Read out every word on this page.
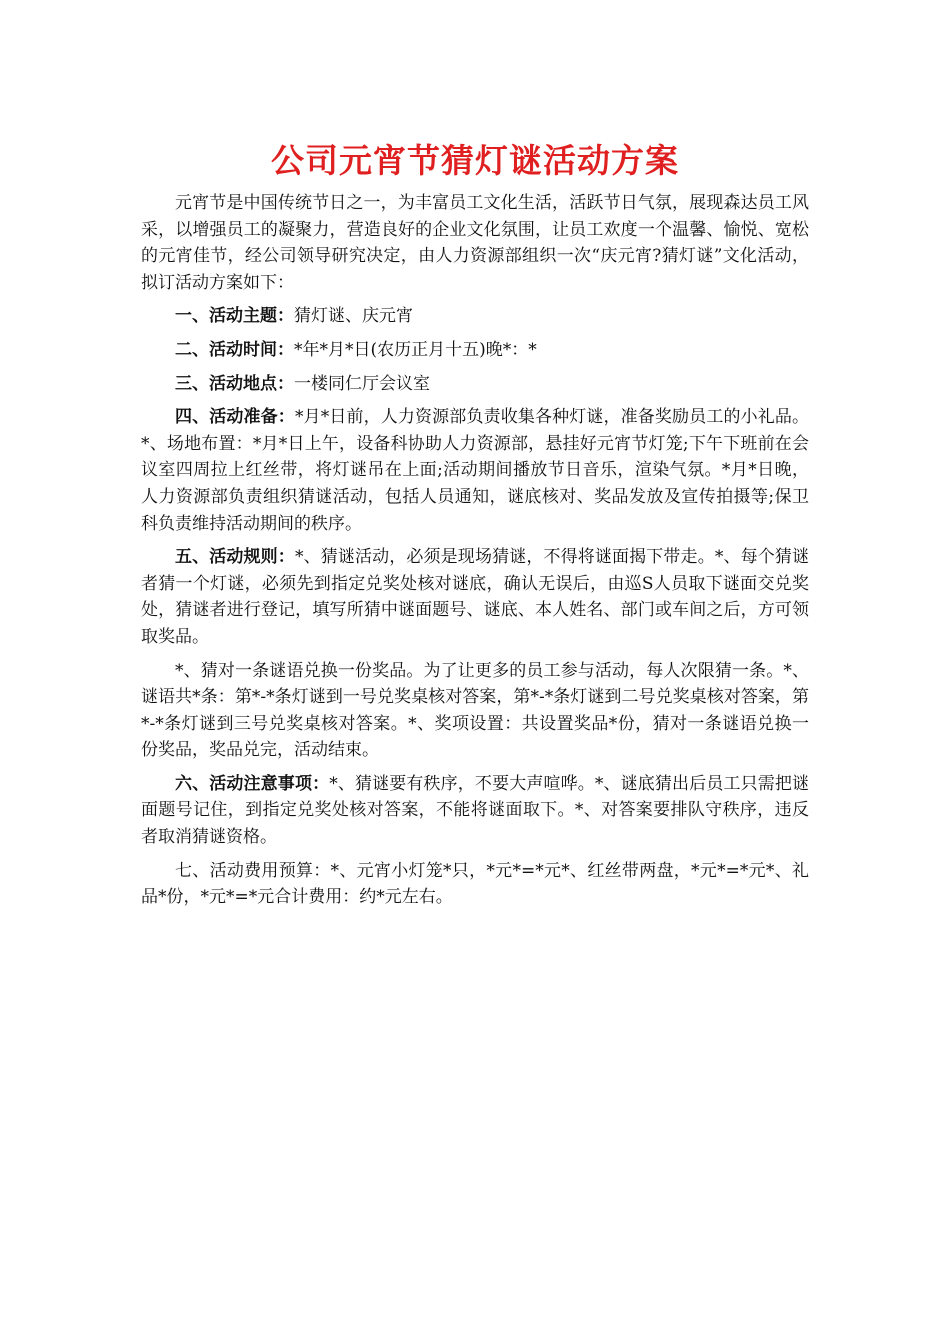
公司元宵节猜灯谜活动方案

元宵节是中国传统节日之一，为丰富员工文化生活，活跃节日气氛，展现森达员工风采，以增强员工的凝聚力，营造良好的企业文化氛围，让员工欢度一个温馨、愉悦、宽松的元宵佳节，经公司领导研究决定，由人力资源部组织一次“庆元宵?猜灯谜”文化活动，拟订活动方案如下：

一、活动主题：猜灯谜、庆元宵

二、活动时间：*年*月*日(农历正月十五)晚*：*

三、活动地点：一楼同仁厅会议室

四、活动准备：*月*日前，人力资源部负责收集各种灯谜，准备奖励员工的小礼品。*、场地布置：*月*日上午，设备科协助人力资源部，悬挂好元宵节灯笼;下午下班前在会议室四周拉上红丝带，将灯谜吊在上面;活动期间播放节日音乐，渲染气氛。*月*日晚，人力资源部负责组织猜谜活动，包括人员通知，谜底核对、奖品发放及宣传拍摄等;保卫科负责维持活动期间的秩序。

五、活动规则：*、猜谜活动，必须是现场猜谜，不得将谜面揭下带走。*、每个猜谜者猜一个灯谜，必须先到指定兑奖处核对谜底，确认无误后，由巡S人员取下谜面交兑奖处，猜谜者进行登记，填写所猜中谜面题号、谜底、本人姓名、部门或车间之后，方可领取奖品。

*、猜对一条谜语兑换一份奖品。为了让更多的员工参与活动，每人次限猜一条。*、谜语共*条：第*-*条灯谜到一号兑奖桌核对答案，第*-*条灯谜到二号兑奖桌核对答案，第*-*条灯谜到三号兑奖桌核对答案。*、奖项设置：共设置奖品*份，猜对一条谜语兑换一份奖品，奖品兑完，活动结束。

六、活动注意事项：*、猜谜要有秩序，不要大声喧哗。*、谜底猜出后员工只需把谜面题号记住，到指定兑奖处核对答案，不能将谜面取下。*、对答案要排队守秩序，违反者取消猜谜资格。

七、活动费用预算：*、元宵小灯笼*只，*元*=*元*、红丝带两盘，*元*=*元*、礼品*份，*元*=*元合计费用：约*元左右。
